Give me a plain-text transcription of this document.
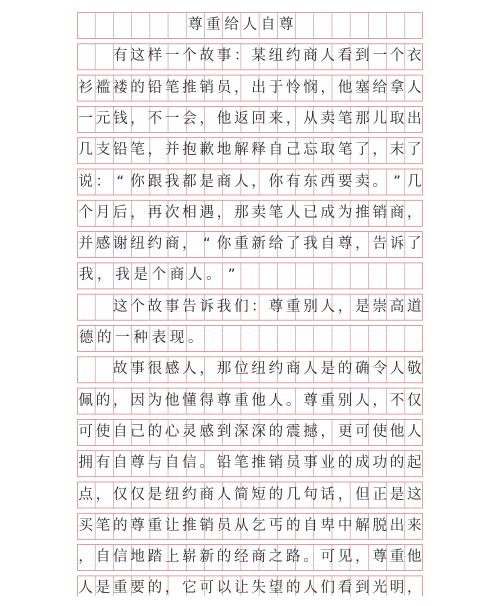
尊 重 给 人 自 尊
有 这 样 一 个 故 事 ： 某 纽 约 商 人 看 到 一 个 衣
衫 褴 褛 的 铅 笔 推 销 员 ， 出 于 怜 悯 ， 他 塞 给 拿 人
一 元 钱 ， 不 一 会 ， 他 返 回 来 ， 从 卖 笔 那 儿 取 出
几 支 铅 笔 ， 并 抱 歉 地 解 释 自 己 忘 取 笔 了 ， 末 了
说 ： “ 你 跟 我 都 是 商 人 ， 你 有 东 西 要 卖 。 ” 几
个 月 后 ， 再 次 相 遇 ， 那 卖 笔 人 已 成 为 推 销 商 ，
并 感 谢 纽 约 商 ， “ 你 重 新 给 了 我 自 尊 ， 告 诉 了
我 ， 我 是 个 商 人 。 ”
这 个 故 事 告 诉 我 们 ： 尊 重 别 人 ， 是 崇 高 道
德 的 一 种 表 现 。
故 事 很 感 人 ， 那 位 纽 约 商 人 是 的 确 令 人 敬
佩 的 ， 因 为 他 懂 得 尊 重 他 人 。 尊 重 别 人 ， 不 仅
可 使 自 己 的 心 灵 感 到 深 深 的 震 撼 ， 更 可 使 他 人
拥 有 自 尊 与 自 信 。 铅 笔 推 销 员 事 业 的 成 功 的 起
点 ， 仅 仅 是 纽 约 商 人 简 短 的 几 句 话 ， 但 正 是 这
买 笔 的 尊 重 让 推 销 员 从 乞 丐 的 自 卑 中 解 脱 出 来
， 自 信 地 踏 上 崭 新 的 经 商 之 路 。 可 见 ， 尊 重 他
人 是 重 要 的 ， 它 可 以 让 失 望 的 人 们 看 到 光 明 ，
